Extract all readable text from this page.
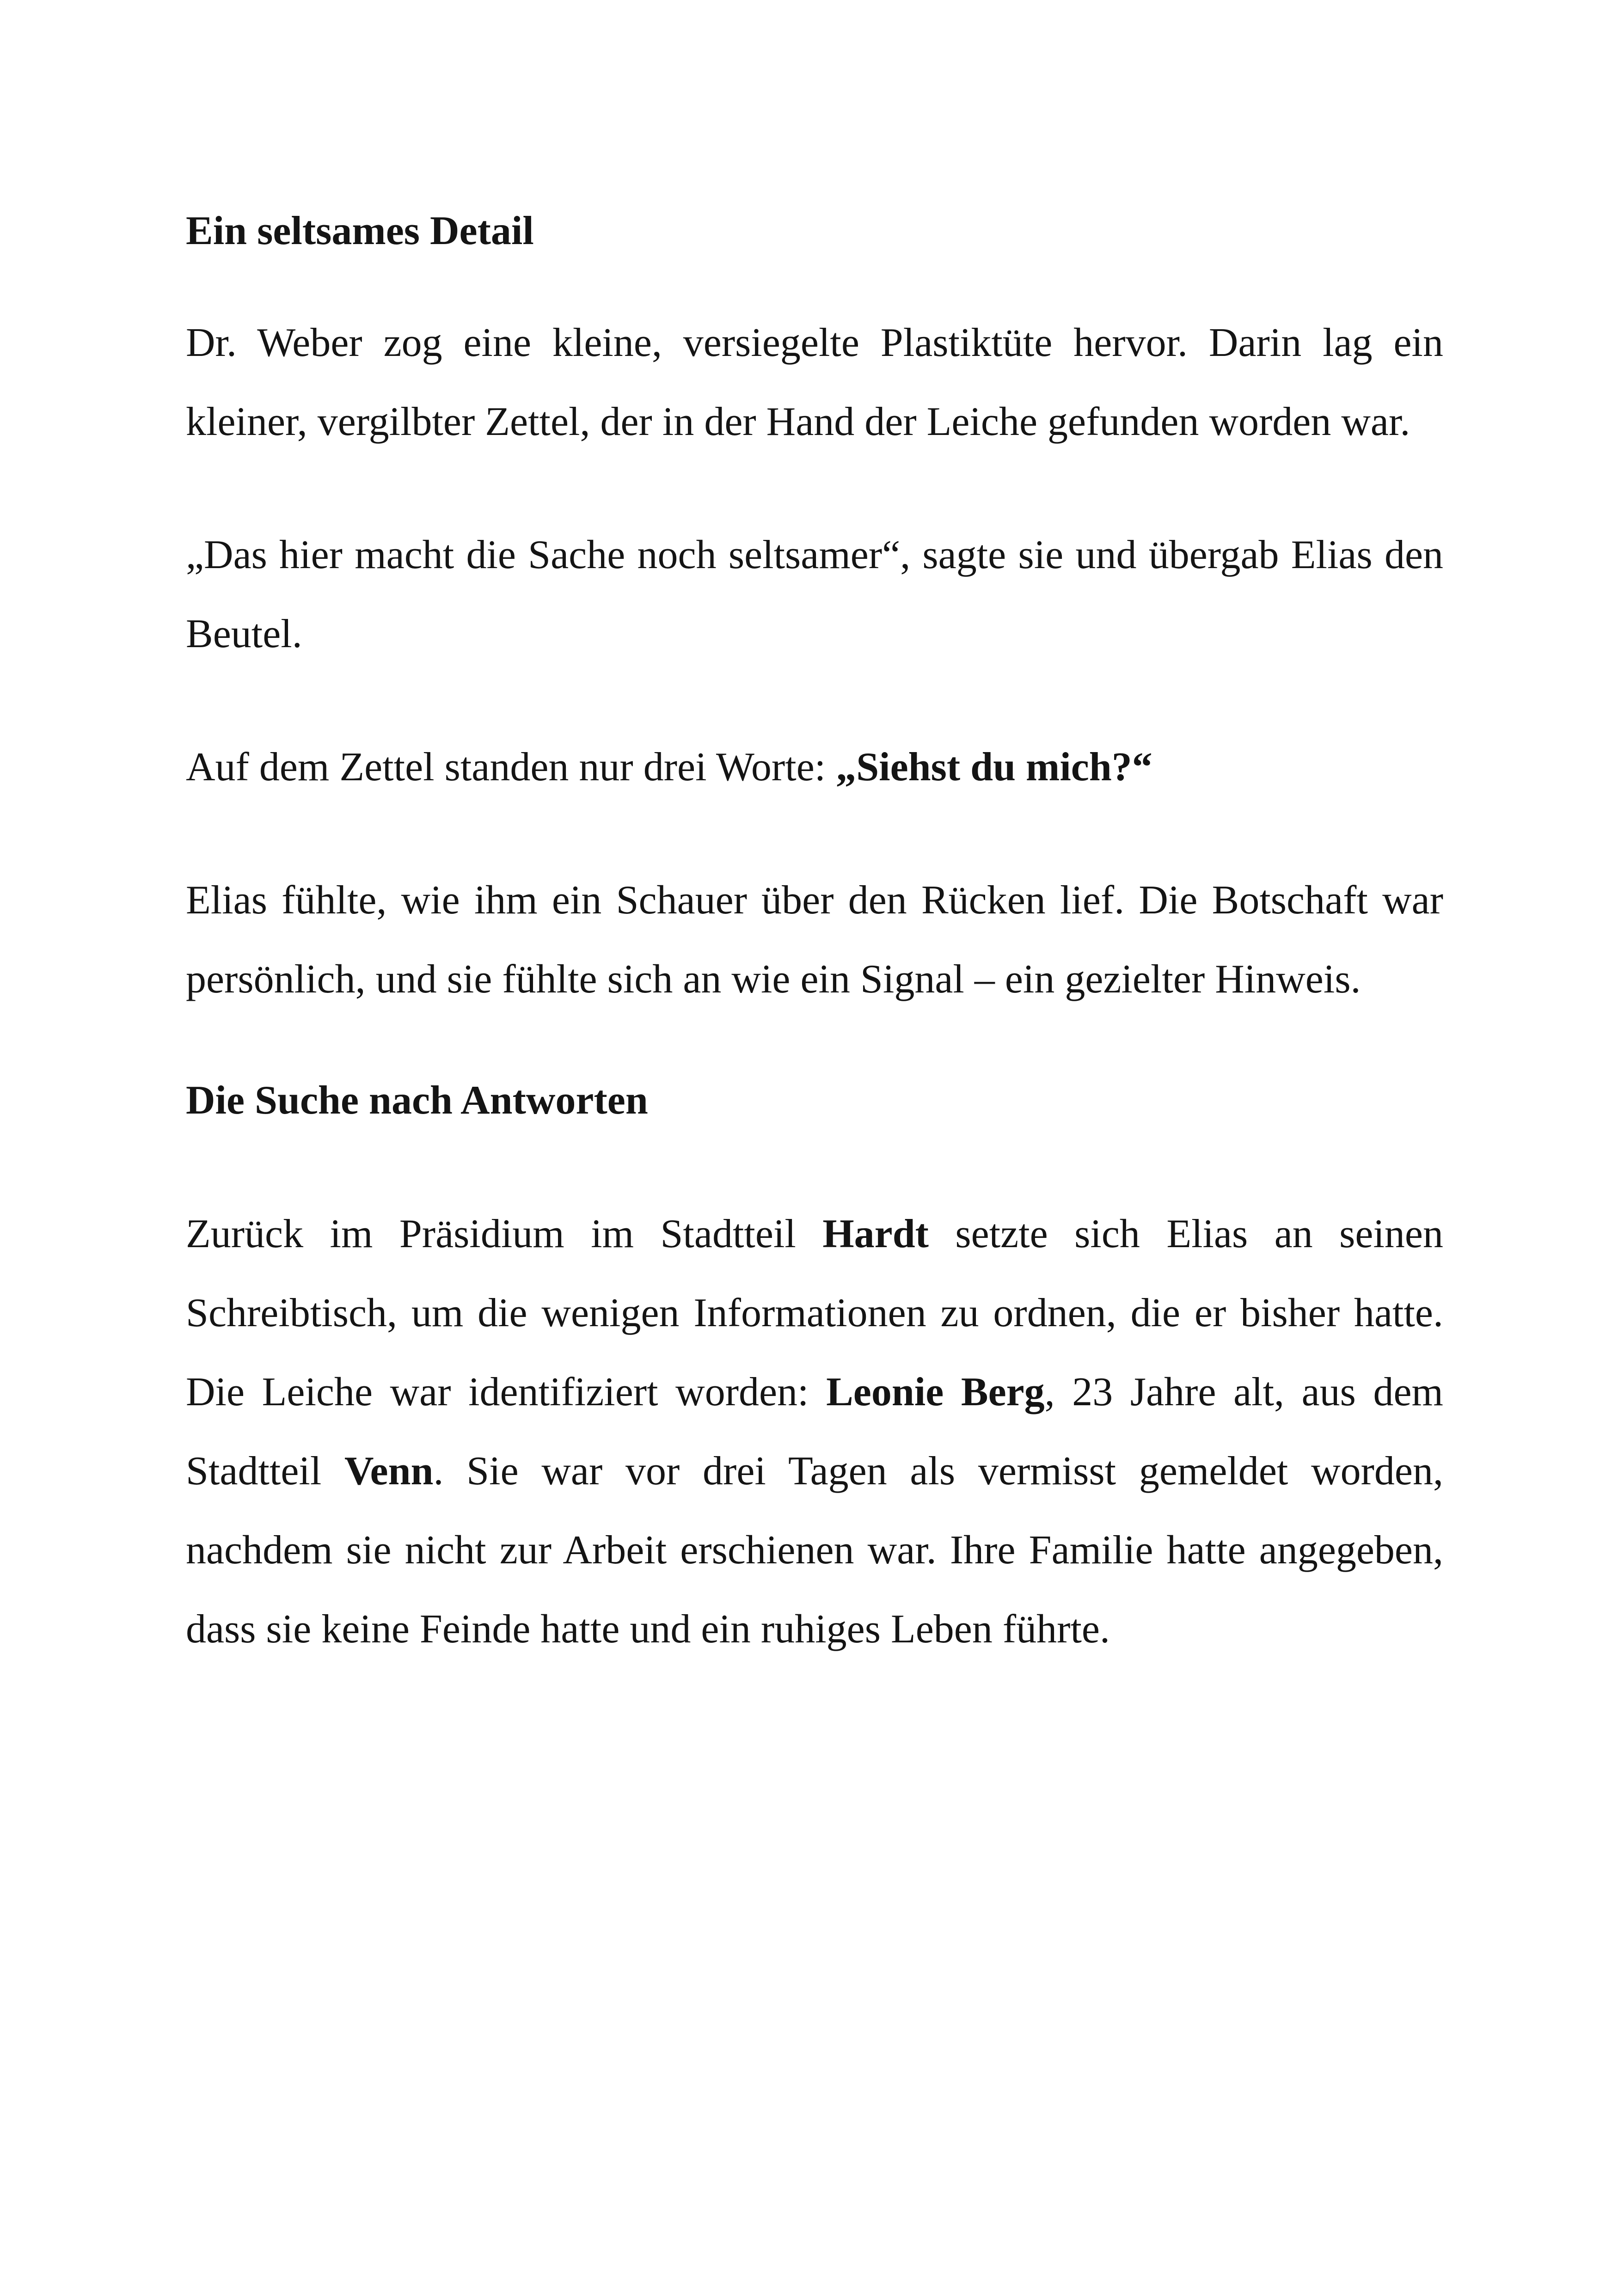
Ein seltsames Detail

Dr. Weber zog eine kleine, versiegelte Plastiktüte hervor. Darin lag ein kleiner, vergilbter Zettel, der in der Hand der Leiche gefunden worden war.

„Das hier macht die Sache noch seltsamer“, sagte sie und übergab Elias den Beutel.

Auf dem Zettel standen nur drei Worte: „Siehst du mich?“

Elias fühlte, wie ihm ein Schauer über den Rücken lief. Die Botschaft war persönlich, und sie fühlte sich an wie ein Signal – ein gezielter Hinweis.

Die Suche nach Antworten

Zurück im Präsidium im Stadtteil Hardt setzte sich Elias an seinen Schreibtisch, um die wenigen Informationen zu ordnen, die er bisher hatte. Die Leiche war identifiziert worden: Leonie Berg, 23 Jahre alt, aus dem Stadtteil Venn. Sie war vor drei Tagen als vermisst gemeldet worden, nachdem sie nicht zur Arbeit erschienen war. Ihre Familie hatte angegeben, dass sie keine Feinde hatte und ein ruhiges Leben führte.
